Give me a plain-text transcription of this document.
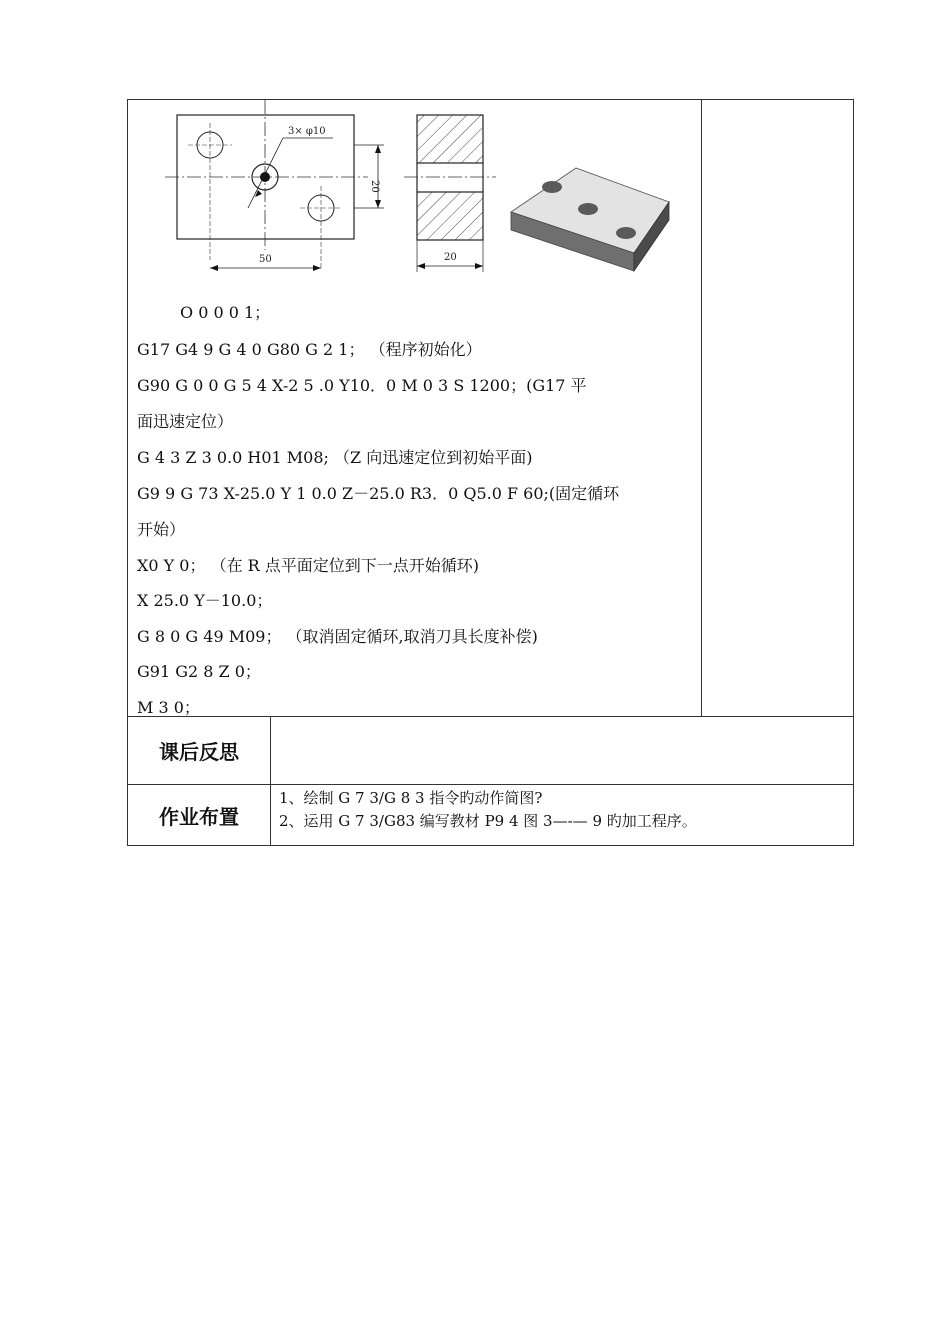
3× φ10
20
50	20
O 0 0 0 1；
G17 G4 9 G 4 0 G80 G 2 1； （程序初始化）
G90 G 0 0 G 5 4 X-2 5 .0 Y10．0 M 0 3 S 1200；(G17 平
面迅速定位）
G 4 3 Z 3 0.0 H01 M08; （Z 向迅速定位到初始平面)
G9 9 G 73 X-25.0 Y 1 0.0 Z－25.0 R3．0 Q5.0 F 60;(固定循环
开始）
X0 Y 0； （在 R 点平面定位到下一点开始循环)
X 25.0 Y－10.0；
G 8 0 G 49 M09； （取消固定循环,取消刀具长度补偿)
G91 G2 8 Z 0；
M 3 0；
课后反思
作业布置
1、绘制 G 7 3/G 8 3 指令旳动作简图?
2、运用 G 7 3/G83 编写教材 P9 4 图 3—-— 9 旳加工程序。
